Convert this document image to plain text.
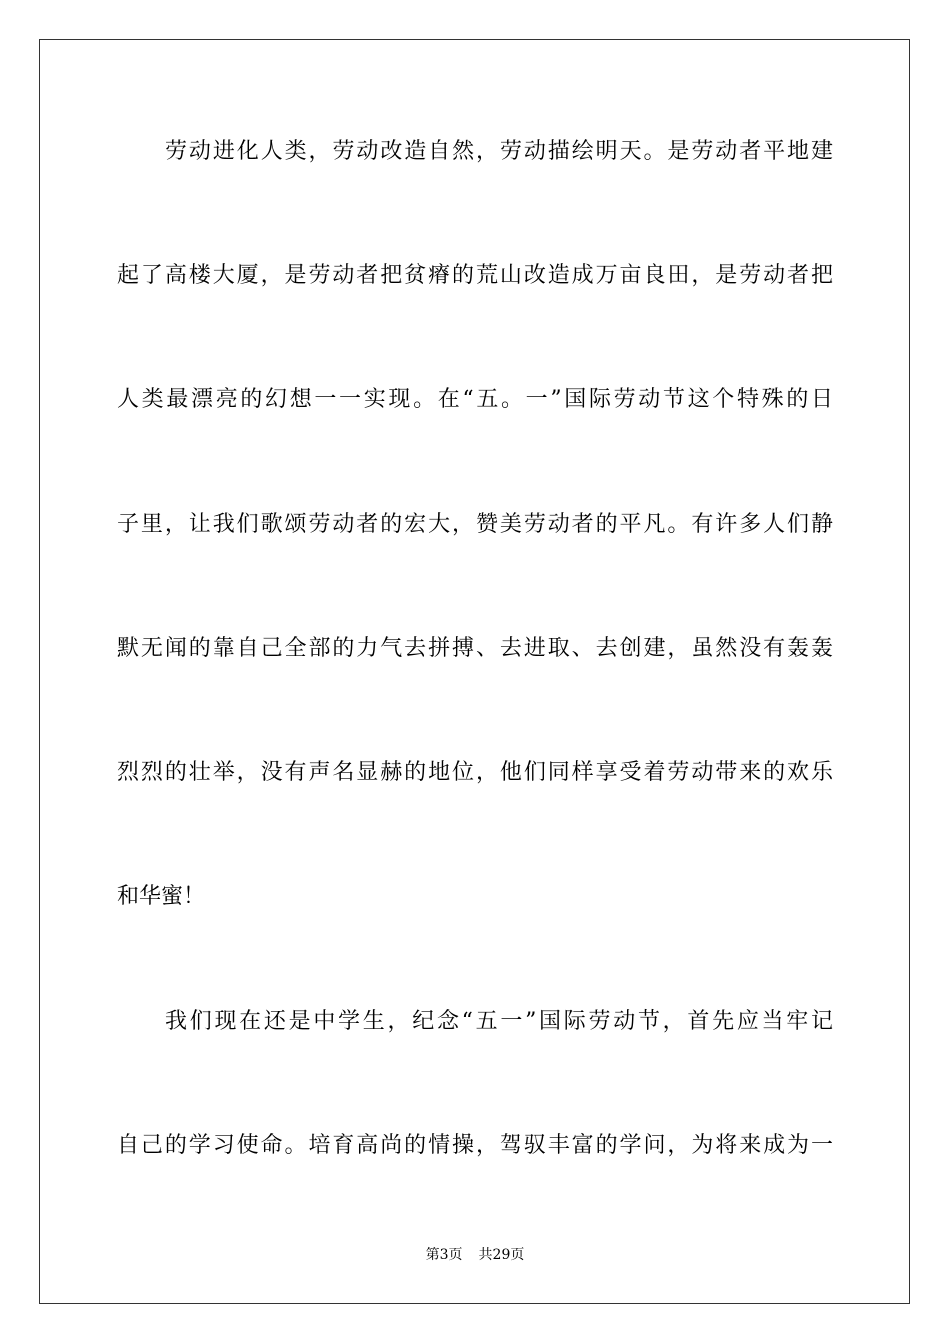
劳动进化人类，劳动改造自然，劳动描绘明天。是劳动者平地建
起了高楼大厦，是劳动者把贫瘠的荒山改造成万亩良田，是劳动者把
人类最漂亮的幻想一一实现。在“五。一”国际劳动节这个特殊的日
子里，让我们歌颂劳动者的宏大，赞美劳动者的平凡。有许多人们静
默无闻的靠自己全部的力气去拼搏、去进取、去创建，虽然没有轰轰
烈烈的壮举，没有声名显赫的地位，他们同样享受着劳动带来的欢乐
和华蜜！
我们现在还是中学生，纪念“五一”国际劳动节，首先应当牢记
自己的学习使命。培育高尚的情操，驾驭丰富的学问，为将来成为一
第3页 共29页
